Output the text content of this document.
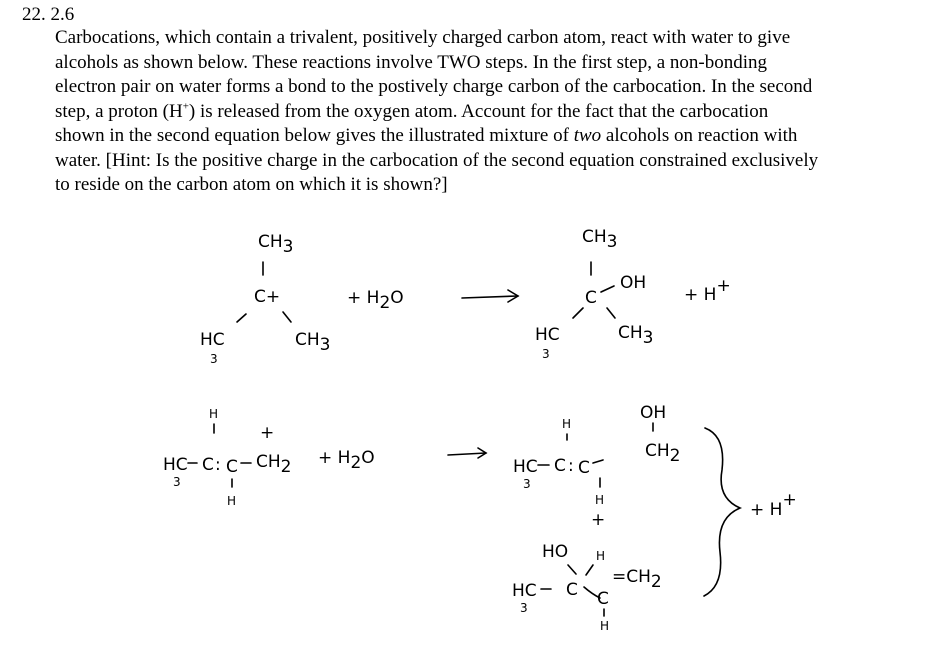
22. 2.6
Carbocations, which contain a trivalent, positively charged carbon atom, react with water to give
alcohols as shown below. These reactions involve TWO steps. In the first step, a non-bonding
electron pair on water forms a bond to the postively charge carbon of the carbocation. In the second
step, a proton (H+) is released from the oxygen atom. Account for the fact that the carbocation
shown in the second equation below gives the illustrated mixture of two alcohols on reaction with
water. [Hint: Is the positive charge in the carbocation of the second equation constrained exclusively
to reside on the carbon atom on which it is shown?]
CH3
C+
HC
3
CH3
+ H2O
CH3
C
OH
HC
3
CH3
+ H+
H
HC
3
C : C
H
+
CH2 + H2O
H
HC
3
C : C
H
+
OH
CH2
HO H
HC
3
C C
H
=CH2
+ H+
